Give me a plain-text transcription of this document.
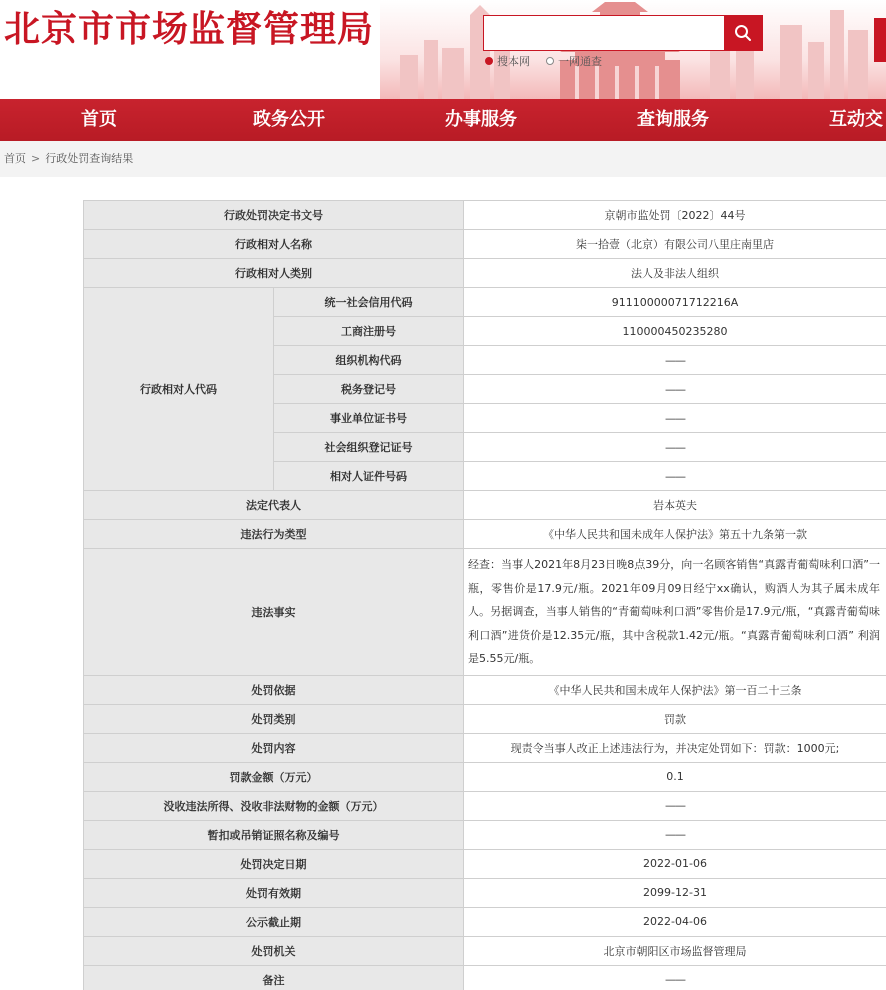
北京市市场监督管理局
搜本网	一网通查
首页	政务公开	办事服务	查询服务	互动交
首页 > 行政处罚查询结果
行政处罚决定书文号		京朝市监处罚〔2022〕44号
行政相对人名称		柒一拾壹（北京）有限公司八里庄南里店
行政相对人类别		法人及非法人组织
行政相对人代码	统一社会信用代码	91110000071712216A
	工商注册号	110000450235280
	组织机构代码	——
	税务登记号	——
	事业单位证书号	——
	社会组织登记证号	——
	相对人证件号码	——
法定代表人		岩本英夫
违法行为类型		《中华人民共和国未成年人保护法》第五十九条第一款
违法事实		经查：当事人2021年8月23日晚8点39分，向一名顾客销售“真露青葡萄味利口酒”一瓶，零售价是17.9元/瓶。2021年09月09日经宁xx确认，购酒人为其子属未成年人。另据调查，当事人销售的“青葡萄味利口酒”零售价是17.9元/瓶，“真露青葡萄味利口酒”进货价是12.35元/瓶，其中含税款1.42元/瓶。“真露青葡萄味利口酒” 利润是5.55元/瓶。
处罚依据		《中华人民共和国未成年人保护法》第一百二十三条
处罚类别		罚款
处罚内容		现责令当事人改正上述违法行为，并决定处罚如下：罚款：1000元;
罚款金额（万元）		0.1
没收违法所得、没收非法财物的金额（万元）		——
暂扣或吊销证照名称及编号		——
处罚决定日期		2022-01-06
处罚有效期		2099-12-31
公示截止期		2022-04-06
处罚机关		北京市朝阳区市场监督管理局
备注		——
